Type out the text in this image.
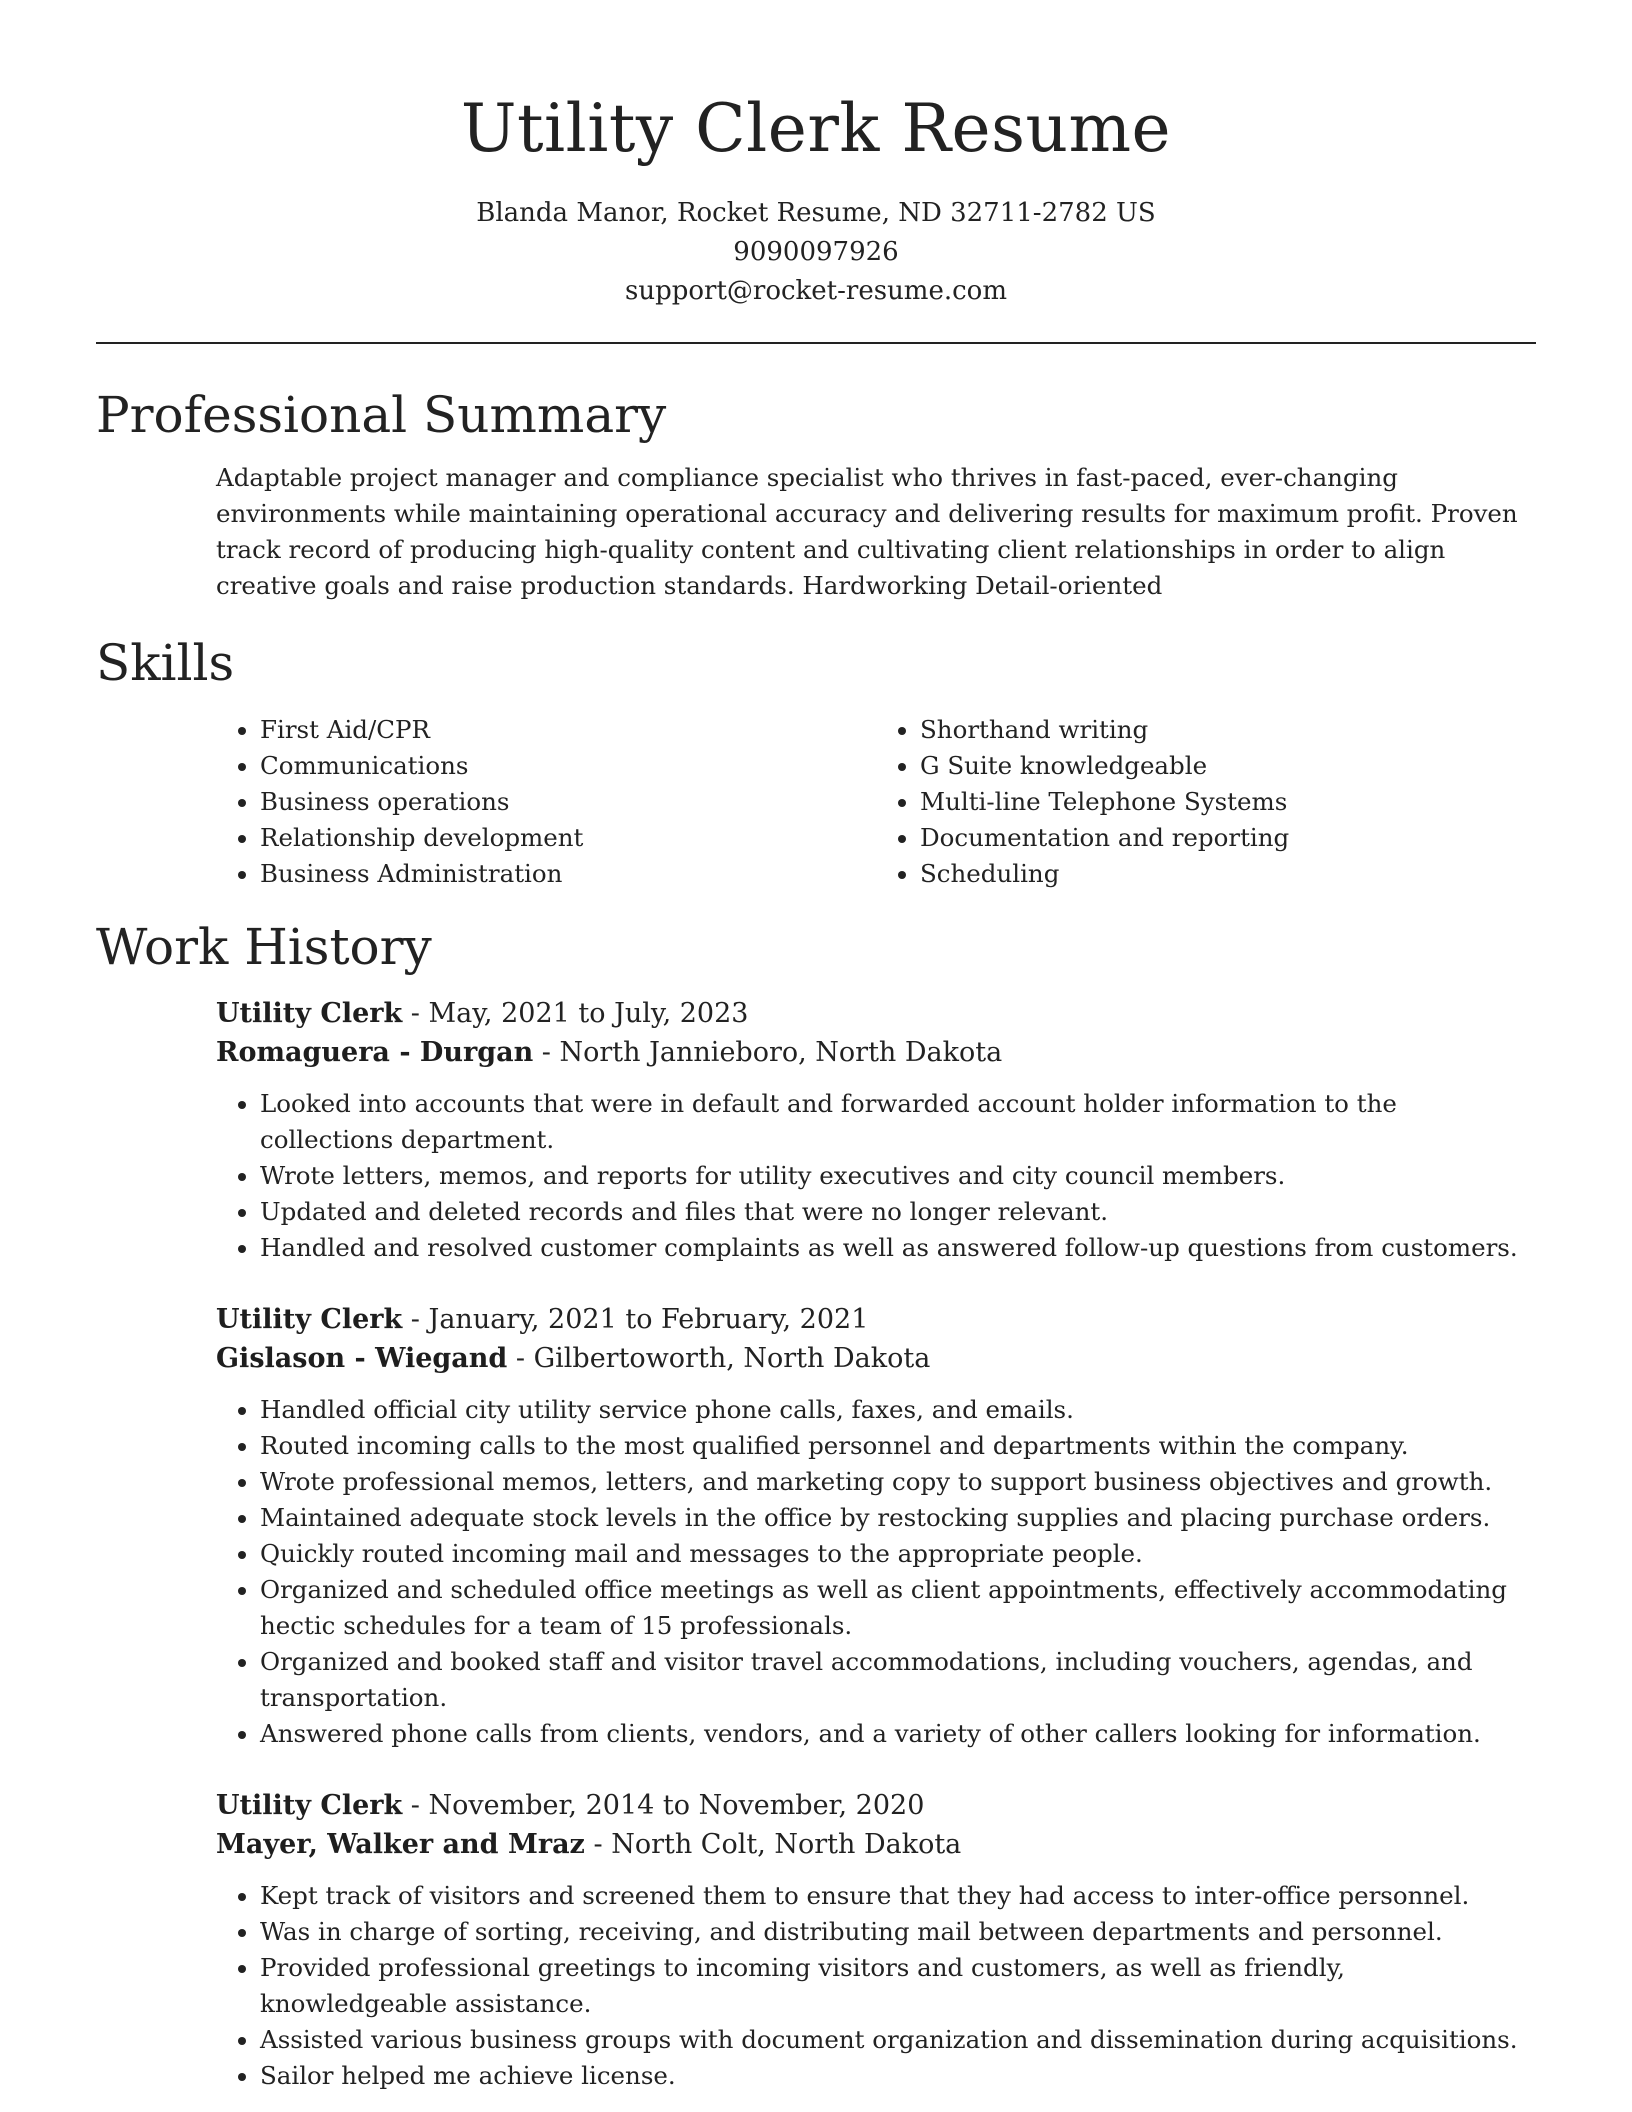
Utility Clerk Resume
Blanda Manor, Rocket Resume, ND 32711-2782 US
9090097926
support@rocket-resume.com
Professional Summary

Adaptable project manager and compliance specialist who thrives in fast-paced, ever-changing environments while maintaining operational accuracy and delivering results for maximum profit. Proven track record of producing high-quality content and cultivating client relationships in order to align creative goals and raise production standards. Hardworking Detail-oriented

Skills
• First Aid/CPR
• Communications
• Business operations
• Relationship development
• Business Administration
• Shorthand writing
• G Suite knowledgeable
• Multi-line Telephone Systems
• Documentation and reporting
• Scheduling
Work History
Utility Clerk - May, 2021 to July, 2023
Romaguera - Durgan - North Jannieboro, North Dakota
• Looked into accounts that were in default and forwarded account holder information to the collections department.
• Wrote letters, memos, and reports for utility executives and city council members.
• Updated and deleted records and files that were no longer relevant.
• Handled and resolved customer complaints as well as answered follow-up questions from customers.
Utility Clerk - January, 2021 to February, 2021
Gislason - Wiegand - Gilbertoworth, North Dakota
• Handled official city utility service phone calls, faxes, and emails.
• Routed incoming calls to the most qualified personnel and departments within the company.
• Wrote professional memos, letters, and marketing copy to support business objectives and growth.
• Maintained adequate stock levels in the office by restocking supplies and placing purchase orders.
• Quickly routed incoming mail and messages to the appropriate people.
• Organized and scheduled office meetings as well as client appointments, effectively accommodating hectic schedules for a team of 15 professionals.
• Organized and booked staff and visitor travel accommodations, including vouchers, agendas, and transportation.
• Answered phone calls from clients, vendors, and a variety of other callers looking for information.
Utility Clerk - November, 2014 to November, 2020
Mayer, Walker and Mraz - North Colt, North Dakota
• Kept track of visitors and screened them to ensure that they had access to inter-office personnel.
• Was in charge of sorting, receiving, and distributing mail between departments and personnel.
• Provided professional greetings to incoming visitors and customers, as well as friendly, knowledgeable assistance.
• Assisted various business groups with document organization and dissemination during acquisitions.
• Sailor helped me achieve license.
